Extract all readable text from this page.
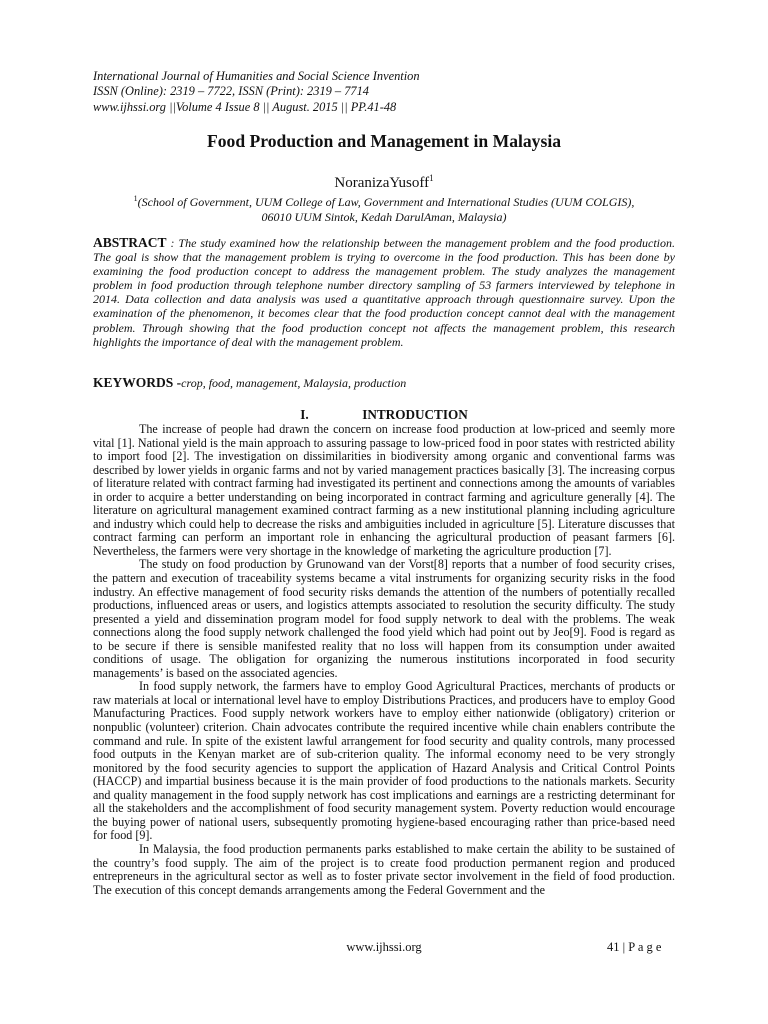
International Journal of Humanities and Social Science Invention
ISSN (Online): 2319 – 7722, ISSN (Print): 2319 – 7714
www.ijhssi.org ||Volume 4 Issue 8 || August. 2015 || PP.41-48
Food Production and Management in Malaysia
NoranizaYusoff$^1$
$^1$(School of Government, UUM College of Law, Government and International Studies (UUM COLGIS),
06010 UUM Sintok, Kedah DarulAman, Malaysia)
ABSTRACT : The study examined how the relationship between the management problem and the food production. The goal is show that the management problem is trying to overcome in the food production. This has been done by examining the food production concept to address the management problem. The study analyzes the management problem in food production through telephone number directory sampling of 53 farmers interviewed by telephone in 2014. Data collection and data analysis was used a quantitative approach through questionnaire survey. Upon the examination of the phenomenon, it becomes clear that the food production concept cannot deal with the management problem. Through showing that the food production concept not affects the management problem, this research highlights the importance of deal with the management problem.
KEYWORDS -crop, food, management, Malaysia, production
I.	INTRODUCTION

The increase of people had drawn the concern on increase food production at low-priced and seemly more vital [1]. National yield is the main approach to assuring passage to low-priced food in poor states with restricted ability to import food [2]. The investigation on dissimilarities in biodiversity among organic and conventional farms was described by lower yields in organic farms and not by varied management practices basically [3]. The increasing corpus of literature related with contract farming had investigated its pertinent and connections among the amounts of variables in order to acquire a better understanding on being incorporated in contract farming and agriculture generally [4]. The literature on agricultural management examined contract farming as a new institutional planning including agriculture and industry which could help to decrease the risks and ambiguities included in agriculture [5]. Literature discusses that contract farming can perform an important role in enhancing the agricultural production of peasant farmers [6]. Nevertheless, the farmers were very shortage in the knowledge of marketing the agriculture production [7].

The study on food production by Grunowand van der Vorst[8] reports that a number of food security crises, the pattern and execution of traceability systems became a vital instruments for organizing security risks in the food industry. An effective management of food security risks demands the attention of the numbers of potentially recalled productions, influenced areas or users, and logistics attempts associated to resolution the security difficulty. The study presented a yield and dissemination program model for food supply network to deal with the problems. The weak connections along the food supply network challenged the food yield which had point out by Jeo[9]. Food is regard as to be secure if there is sensible manifested reality that no loss will happen from its consumption under awaited conditions of usage. The obligation for organizing the numerous institutions incorporated in food security managements’ is based on the associated agencies.

In food supply network, the farmers have to employ Good Agricultural Practices, merchants of products or raw materials at local or international level have to employ Distributions Practices, and producers have to employ Good Manufacturing Practices. Food supply network workers have to employ either nationwide (obligatory) criterion or nonpublic (volunteer) criterion. Chain advocates contribute the required incentive while chain enablers contribute the command and rule. In spite of the existent lawful arrangement for food security and quality controls, many processed food outputs in the Kenyan market are of sub-criterion quality. The informal economy need to be very strongly monitored by the food security agencies to support the application of Hazard Analysis and Critical Control Points (HACCP) and impartial business because it is the main provider of food productions to the nationals markets. Security and quality management in the food supply network has cost implications and earnings are a restricting determinant for all the stakeholders and the accomplishment of food security management system. Poverty reduction would encourage the buying power of national users, subsequently promoting hygiene-based encouraging rather than price-based need for food [9].

In Malaysia, the food production permanents parks established to make certain the ability to be sustained of the country’s food supply. The aim of the project is to create food production permanent region and produced entrepreneurs in the agricultural sector as well as to foster private sector involvement in the field of food production. The execution of this concept demands arrangements among the Federal Government and the

www.ijhssi.org	41 | P a g e
